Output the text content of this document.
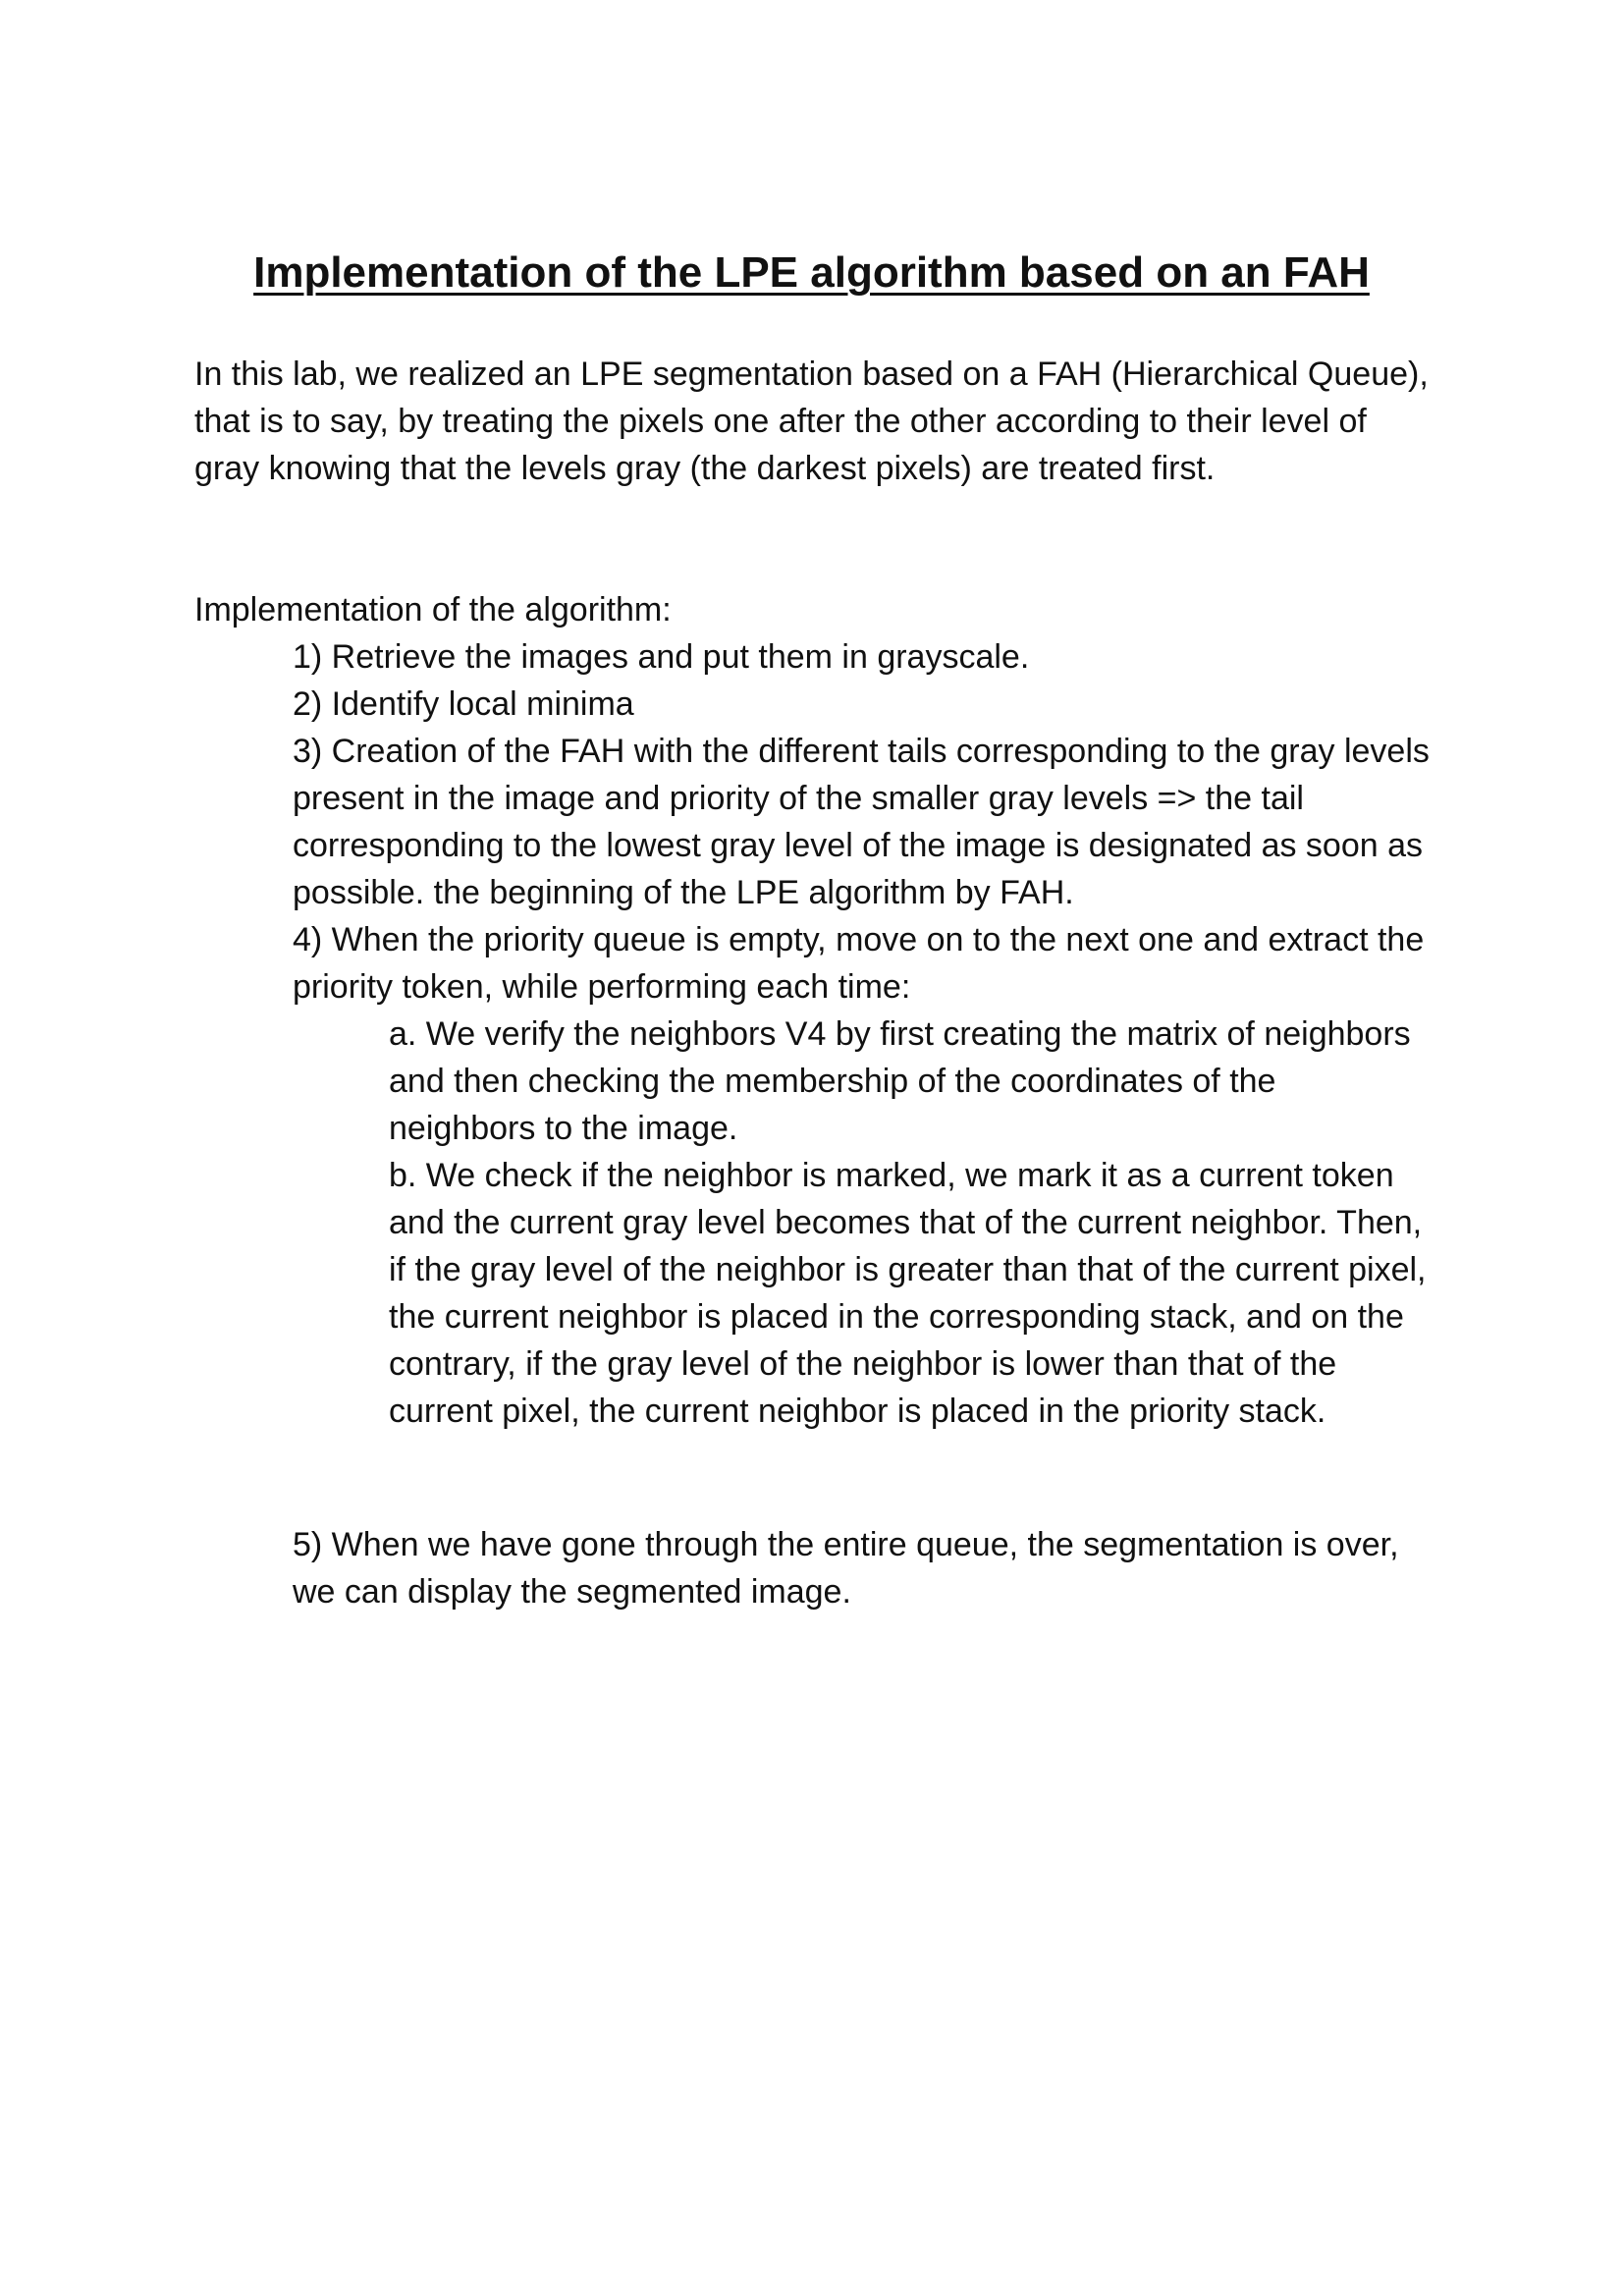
Implementation of the LPE algorithm based on an FAH

In this lab, we realized an LPE segmentation based on a FAH (Hierarchical Queue), that is to say, by treating the pixels one after the other according to their level of gray knowing that the levels gray (the darkest pixels) are treated first.

Implementation of the algorithm:

1) Retrieve the images and put them in grayscale.
2) Identify local minima
3) Creation of the FAH with the different tails corresponding to the gray levels present in the image and priority of the smaller gray levels => the tail corresponding to the lowest gray level of the image is designated as soon as possible. the beginning of the LPE algorithm by FAH.
4) When the priority queue is empty, move on to the next one and extract the priority token, while performing each time:
a. We verify the neighbors V4 by first creating the matrix of neighbors and then checking the membership of the coordinates of the neighbors to the image.
b. We check if the neighbor is marked, we mark it as a current token and the current gray level becomes that of the current neighbor. Then, if the gray level of the neighbor is greater than that of the current pixel, the current neighbor is placed in the corresponding stack, and on the contrary, if the gray level of the neighbor is lower than that of the current pixel, the current neighbor is placed in the priority stack.

5) When we have gone through the entire queue, the segmentation is over, we can display the segmented image.
